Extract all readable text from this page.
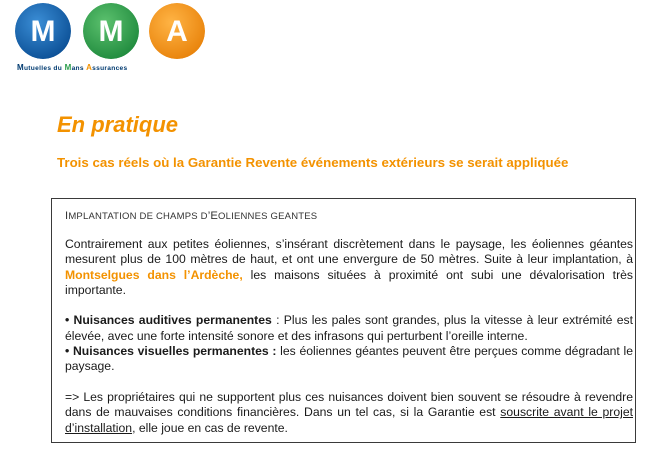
M M A
Mutuelles du Mans Assurances
En pratique
Trois cas réels où la Garantie Revente événements extérieurs se serait appliquée
IMPLANTATION DE CHAMPS D’EOLIENNES GEANTES

Contrairement aux petites éoliennes, s’insérant discrètement dans le paysage, les éoliennes géantes mesurent plus de 100 mètres de haut, et ont une envergure de 50 mètres. Suite à leur implantation, à Montselgues dans l’Ardèche, les maisons situées à proximité ont subi une dévalorisation très importante.

• Nuisances auditives permanentes : Plus les pales sont grandes, plus la vitesse à leur extrémité est élevée, avec une forte intensité sonore et des infrasons qui perturbent l’oreille interne.

• Nuisances visuelles permanentes : les éoliennes géantes peuvent être perçues comme dégradant le paysage.

=> Les propriétaires qui ne supportent plus ces nuisances doivent bien souvent se résoudre à revendre dans de mauvaises conditions financières. Dans un tel cas, si la Garantie est souscrite avant le projet d’installation, elle joue en cas de revente.
